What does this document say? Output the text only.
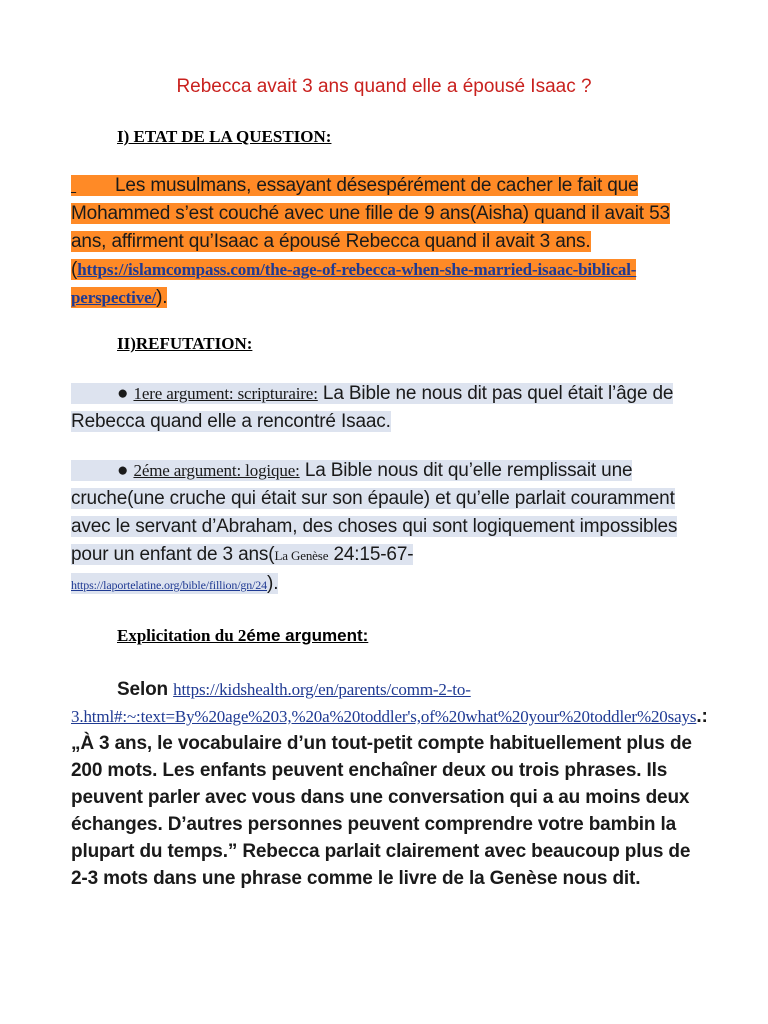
Rebecca avait 3 ans quand elle a épousé Isaac ?
I) ETAT DE LA QUESTION:
Les musulmans, essayant désespérément de cacher le fait que Mohammed s’est couché avec une fille de 9 ans(Aisha) quand il avait 53 ans, affirment qu’Isaac a épousé Rebecca quand il avait 3 ans.(https://islamcompass.com/the-age-of-rebecca-when-she-married-isaac-biblical-perspective/).
II)REFUTATION:
● 1ere argument: scripturaire: La Bible ne nous dit pas quel était l’âge de Rebecca quand elle a rencontré Isaac.
● 2éme argument: logique: La Bible nous dit qu’elle remplissait une cruche(une cruche qui était sur son épaule) et qu’elle parlait couramment avec le servant d’Abraham, des choses qui sont logiquement impossibles pour un enfant de 3 ans(La Genèse 24:15-67-
https://laportelatine.org/bible/fillion/gn/24).
Explicitation du 2éme argument:
Selon https://kidshealth.org/en/parents/comm-2-to-3.html#:~:text=By%20age%203,%20a%20toddler's,of%20what%20your%20toddler%20says.: „À 3 ans, le vocabulaire d’un tout-petit compte habituellement plus de 200 mots. Les enfants peuvent enchaîner deux ou trois phrases. Ils peuvent parler avec vous dans une conversation qui a au moins deux échanges. D’autres personnes peuvent comprendre votre bambin la plupart du temps.” Rebecca parlait clairement avec beaucoup plus de 2-3 mots dans une phrase comme le livre de la Genèse nous dit.
